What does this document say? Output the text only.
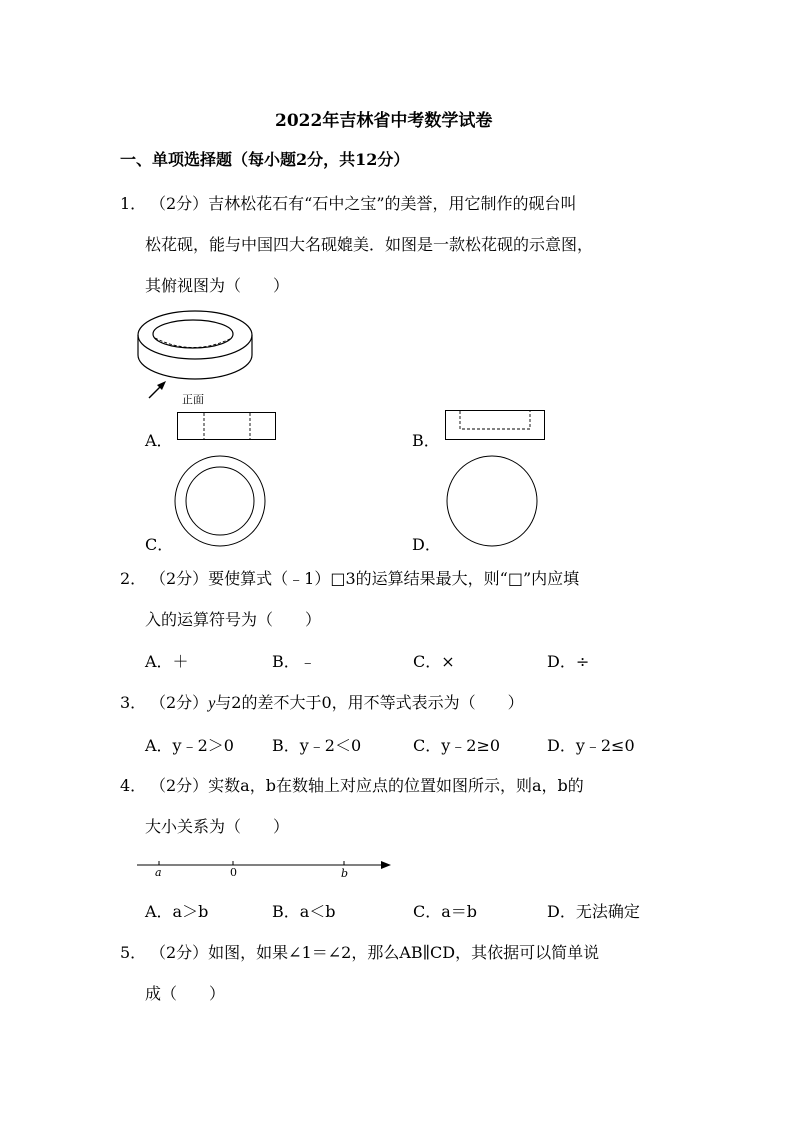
2022年吉林省中考数学试卷
一、单项选择题（每小题2分，共12分）
1． （2分）吉林松花石有“石中之宝”的美誉，用它制作的砚台叫
松花砚，能与中国四大名砚媲美．如图是一款松花砚的示意图，
其俯视图为（　　）
正面
A．	B．
C．	D．
2． （2分）要使算式（﹣1）□3的运算结果最大，则“□”内应填
入的运算符号为（　　）
A．＋	B．﹣	C．×	D．÷
3． （2分）y与2的差不大于0，用不等式表示为（　　）
A．y﹣2＞0 B．y﹣2＜0	C．y﹣2≥0	D．y﹣2≤0
4． （2分）实数a，b在数轴上对应点的位置如图所示，则a，b的
大小关系为（　　）
a	0	b
A．a＞b	B．a＜b	C．a＝b	D．无法确定
5． （2分）如图，如果∠1＝∠2，那么AB∥CD，其依据可以简单说
成（　　）
